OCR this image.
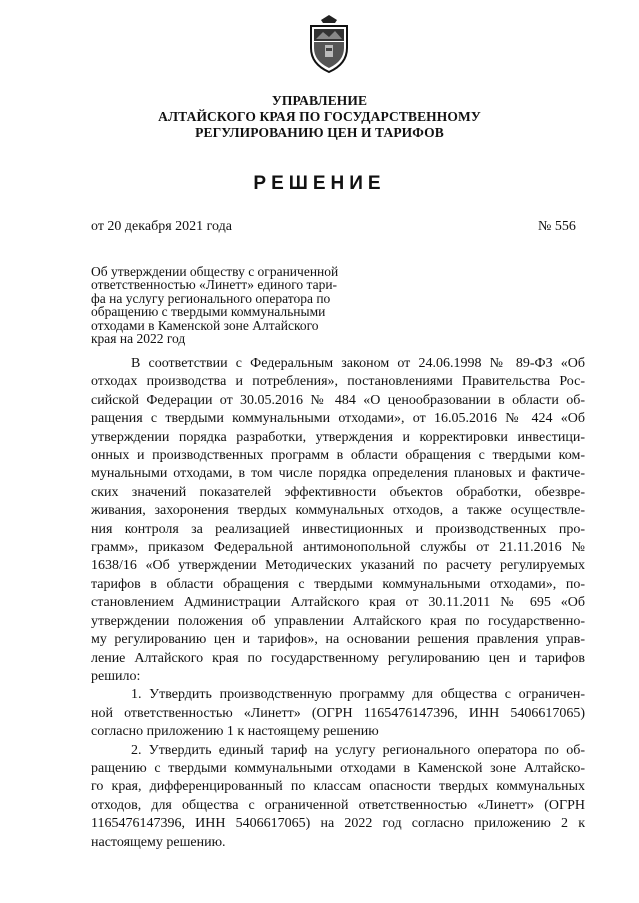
УПРАВЛЕНИЕ
АЛТАЙСКОГО КРАЯ ПО ГОСУДАРСТВЕННОМУ
РЕГУЛИРОВАНИЮ ЦЕН И ТАРИФОВ
РЕШЕНИЕ
от 20 декабря 2021 года	№ 556
Об утверждении обществу с ограниченной
ответственностью «Линетт» единого тари-
фа на услугу регионального оператора по
обращению с твердыми коммунальными
отходами в Каменской зоне Алтайского
края на 2022 год
В соответствии с Федеральным законом от 24.06.1998 № 89-ФЗ «Об
отходах производства и потребления», постановлениями Правительства Рос-
сийской Федерации от 30.05.2016 № 484 «О ценообразовании в области об-
ращения с твердыми коммунальными отходами», от 16.05.2016 № 424 «Об
утверждении порядка разработки, утверждения и корректировки инвестици-
онных и производственных программ в области обращения с твердыми ком-
мунальными отходами, в том числе порядка определения плановых и фактиче-
ских значений показателей эффективности объектов обработки, обезвре-
живания, захоронения твердых коммунальных отходов, а также осуществле-
ния контроля за реализацией инвестиционных и производственных про-
грамм», приказом Федеральной антимонопольной службы от 21.11.2016 №
1638/16 «Об утверждении Методических указаний по расчету регулируемых
тарифов в области обращения с твердыми коммунальными отходами», по-
становлением Администрации Алтайского края от 30.11.2011 № 695 «Об
утверждении положения об управлении Алтайского края по государственно-
му регулированию цен и тарифов», на основании решения правления управ-
ление Алтайского края по государственному регулированию цен и тарифов
решило:
1. Утвердить производственную программу для общества с ограничен-
ной ответственностью «Линетт» (ОГРН 1165476147396, ИНН 5406617065)
согласно приложению 1 к настоящему решению
2. Утвердить единый тариф на услугу регионального оператора по об-
ращению с твердыми коммунальными отходами в Каменской зоне Алтайско-
го края, дифференцированный по классам опасности твердых коммунальных
отходов, для общества с ограниченной ответственностью «Линетт» (ОГРН
1165476147396, ИНН 5406617065) на 2022 год согласно приложению 2 к
настоящему решению.
